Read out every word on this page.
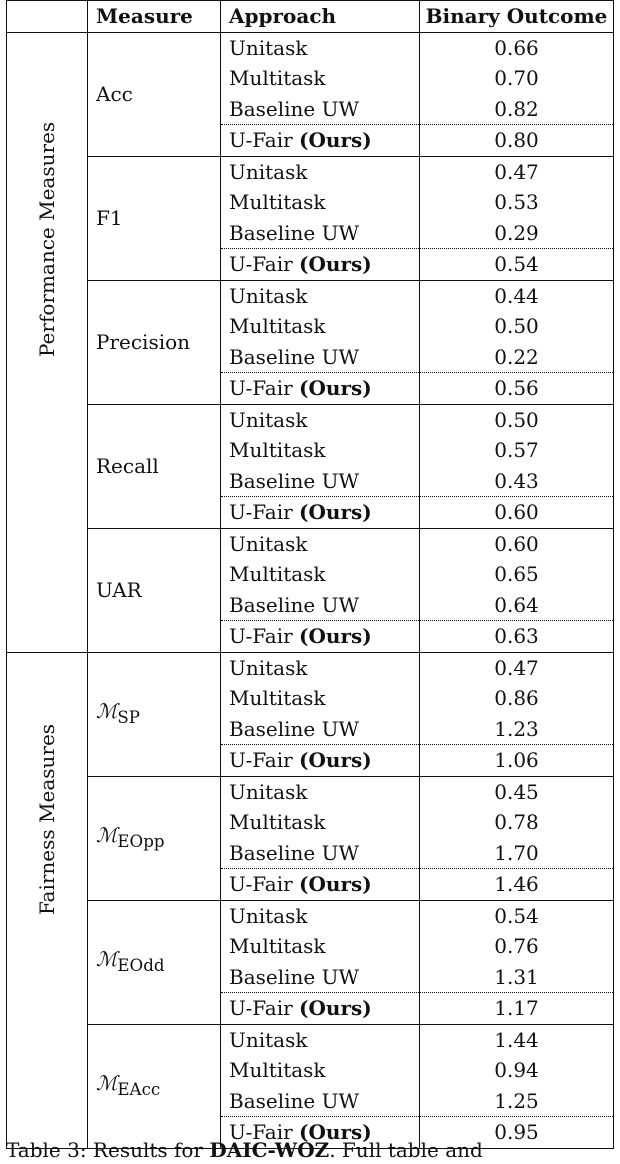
	Measure	Approach	Binary Outcome

Performance Measures	Acc	Unitask	0.66
		Multitask	0.70
		Baseline UW	0.82
		U-Fair (Ours)	0.80
	F1	Unitask	0.47
		Multitask	0.53
		Baseline UW	0.29
		U-Fair (Ours)	0.54
	Precision	Unitask	0.44
		Multitask	0.50
		Baseline UW	0.22
		U-Fair (Ours)	0.56
	Recall	Unitask	0.50
		Multitask	0.57
		Baseline UW	0.43
		U-Fair (Ours)	0.60
	UAR	Unitask	0.60
		Multitask	0.65
		Baseline UW	0.64
		U-Fair (Ours)	0.63

Fairness Measures	ℳ$_{SP}$	Unitask	0.47
		Multitask	0.86
		Baseline UW	1.23
		U-Fair (Ours)	1.06
	ℳ$_{EOpp}$	Unitask	0.45
		Multitask	0.78
		Baseline UW	1.70
		U-Fair (Ours)	1.46
	ℳ$_{EOdd}$	Unitask	0.54
		Multitask	0.76
		Baseline UW	1.31
		U-Fair (Ours)	1.17
	ℳ$_{EAcc}$	Unitask	1.44
		Multitask	0.94
		Baseline UW	1.25
		U-Fair (Ours)	0.95
Table 3: Results for DAIC-WOZ. Full table and
